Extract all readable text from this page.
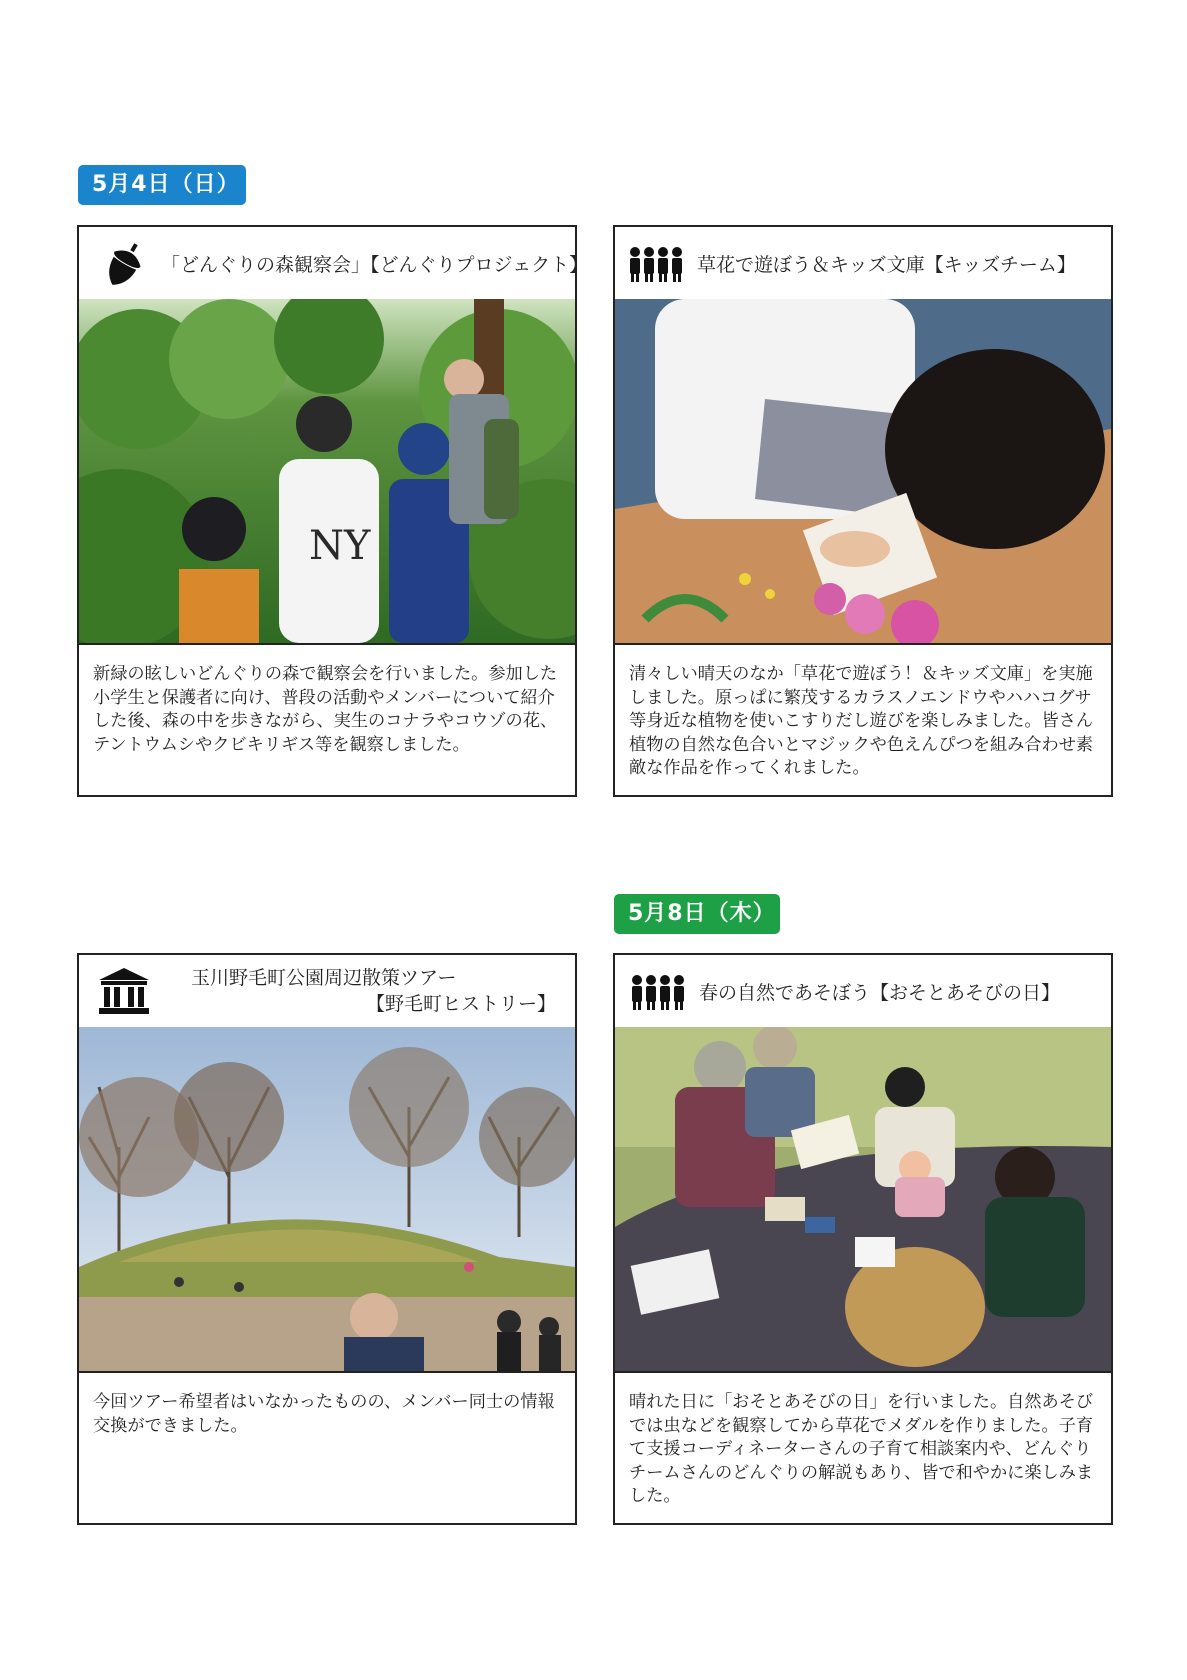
5月4日（日）
5月8日（木）
「どんぐりの森観察会」【どんぐりプロジェクト】
NY
新緑の眩しいどんぐりの森で観察会を行いました。参加した小学生と保護者に向け、普段の活動やメンバーについて紹介した後、森の中を歩きながら、実生のコナラやコウゾの花、テントウムシやクビキリギス等を観察しました。
草花で遊ぼう＆キッズ文庫【キッズチーム】
清々しい晴天のなか「草花で遊ぼう！＆キッズ文庫」を実施しました。原っぱに繁茂するカラスノエンドウやハハコグサ等身近な植物を使いこすりだし遊びを楽しみました。皆さん植物の自然な色合いとマジックや色えんぴつを組み合わせ素敵な作品を作ってくれました。
玉川野毛町公園周辺散策ツアー
【野毛町ヒストリー】
今回ツアー希望者はいなかったものの、メンバー同士の情報交換ができました。
春の自然であそぼう【おそとあそびの日】
晴れた日に「おそとあそびの日」を行いました。自然あそびでは虫などを観察してから草花でメダルを作りました。子育て支援コーディネーターさんの子育て相談案内や、どんぐりチームさんのどんぐりの解説もあり、皆で和やかに楽しみました。
